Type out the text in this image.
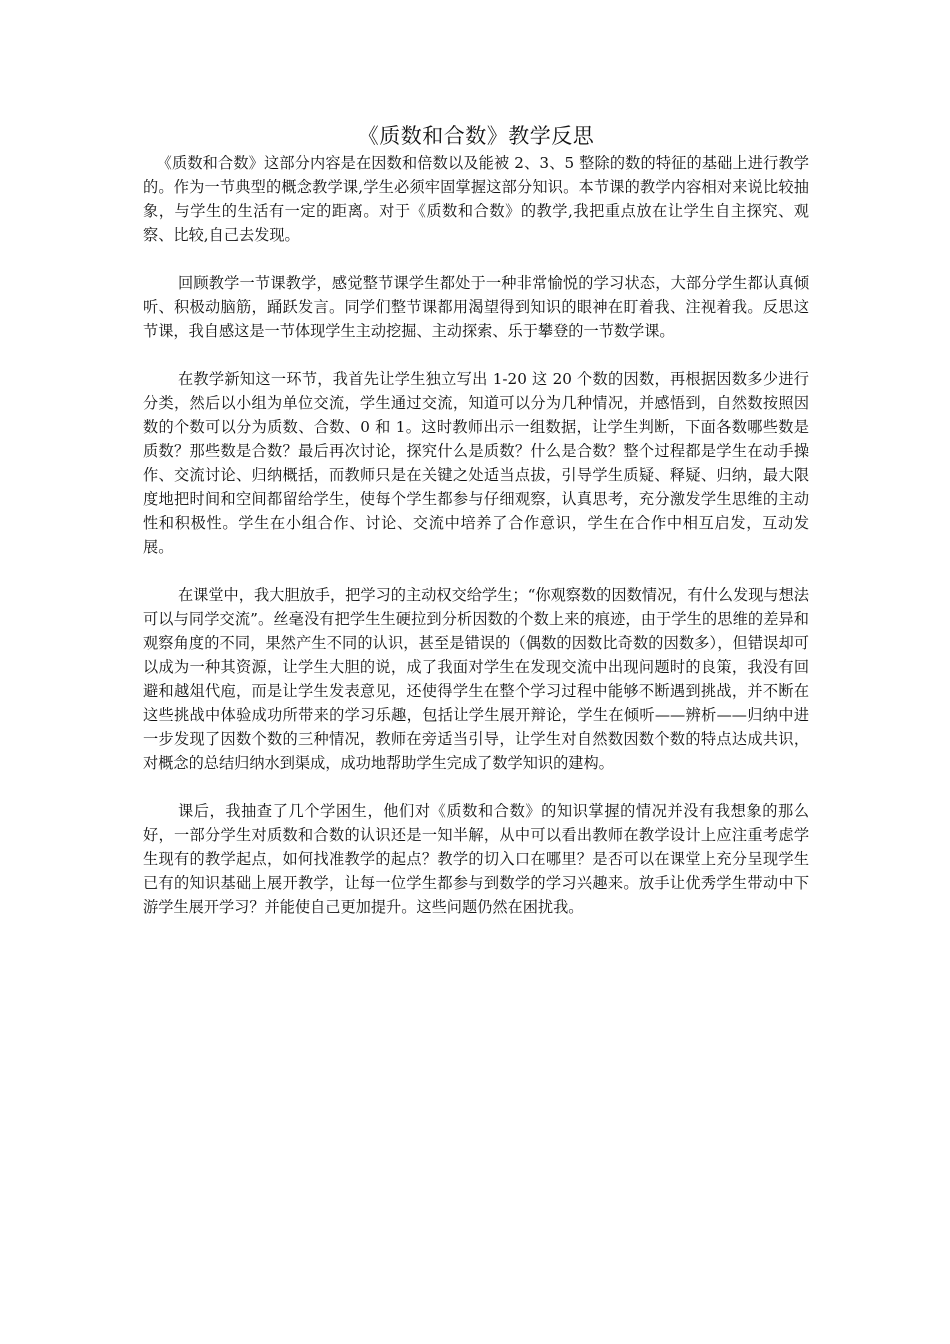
《质数和合数》教学反思

《质数和合数》这部分内容是在因数和倍数以及能被 2、3、5 整除的数的特征的基础上进行教学的。作为一节典型的概念教学课,学生必须牢固掌握这部分知识。本节课的教学内容相对来说比较抽象，与学生的生活有一定的距离。对于《质数和合数》的教学,我把重点放在让学生自主探究、观察、比较,自己去发现。

回顾教学一节课教学，感觉整节课学生都处于一种非常愉悦的学习状态，大部分学生都认真倾听、积极动脑筋，踊跃发言。同学们整节课都用渴望得到知识的眼神在盯着我、注视着我。反思这节课，我自感这是一节体现学生主动挖掘、主动探索、乐于攀登的一节数学课。

在教学新知这一环节，我首先让学生独立写出 1-20 这 20 个数的因数，再根据因数多少进行分类，然后以小组为单位交流，学生通过交流，知道可以分为几种情况，并感悟到，自然数按照因数的个数可以分为质数、合数、0 和 1。这时教师出示一组数据，让学生判断，下面各数哪些数是质数？那些数是合数？最后再次讨论，探究什么是质数？什么是合数？整个过程都是学生在动手操作、交流讨论、归纳概括，而教师只是在关键之处适当点拔，引导学生质疑、释疑、归纳，最大限度地把时间和空间都留给学生，使每个学生都参与仔细观察，认真思考，充分激发学生思维的主动性和积极性。学生在小组合作、讨论、交流中培养了合作意识，学生在合作中相互启发，互动发展。

在课堂中，我大胆放手，把学习的主动权交给学生；“你观察数的因数情况，有什么发现与想法可以与同学交流”。丝毫没有把学生生硬拉到分析因数的个数上来的痕迹，由于学生的思维的差异和观察角度的不同，果然产生不同的认识，甚至是错误的（偶数的因数比奇数的因数多），但错误却可以成为一种其资源，让学生大胆的说，成了我面对学生在发现交流中出现问题时的良策，我没有回避和越俎代庖，而是让学生发表意见，还使得学生在整个学习过程中能够不断遇到挑战，并不断在这些挑战中体验成功所带来的学习乐趣，包括让学生展开辩论，学生在倾听——辨析——归纳中进一步发现了因数个数的三种情况，教师在旁适当引导，让学生对自然数因数个数的特点达成共识，对概念的总结归纳水到渠成，成功地帮助学生完成了数学知识的建构。

课后，我抽查了几个学困生，他们对《质数和合数》的知识掌握的情况并没有我想象的那么好，一部分学生对质数和合数的认识还是一知半解，从中可以看出教师在教学设计上应注重考虑学生现有的教学起点，如何找准教学的起点？教学的切入口在哪里？是否可以在课堂上充分呈现学生已有的知识基础上展开教学，让每一位学生都参与到数学的学习兴趣来。放手让优秀学生带动中下游学生展开学习？并能使自己更加提升。这些问题仍然在困扰我。
